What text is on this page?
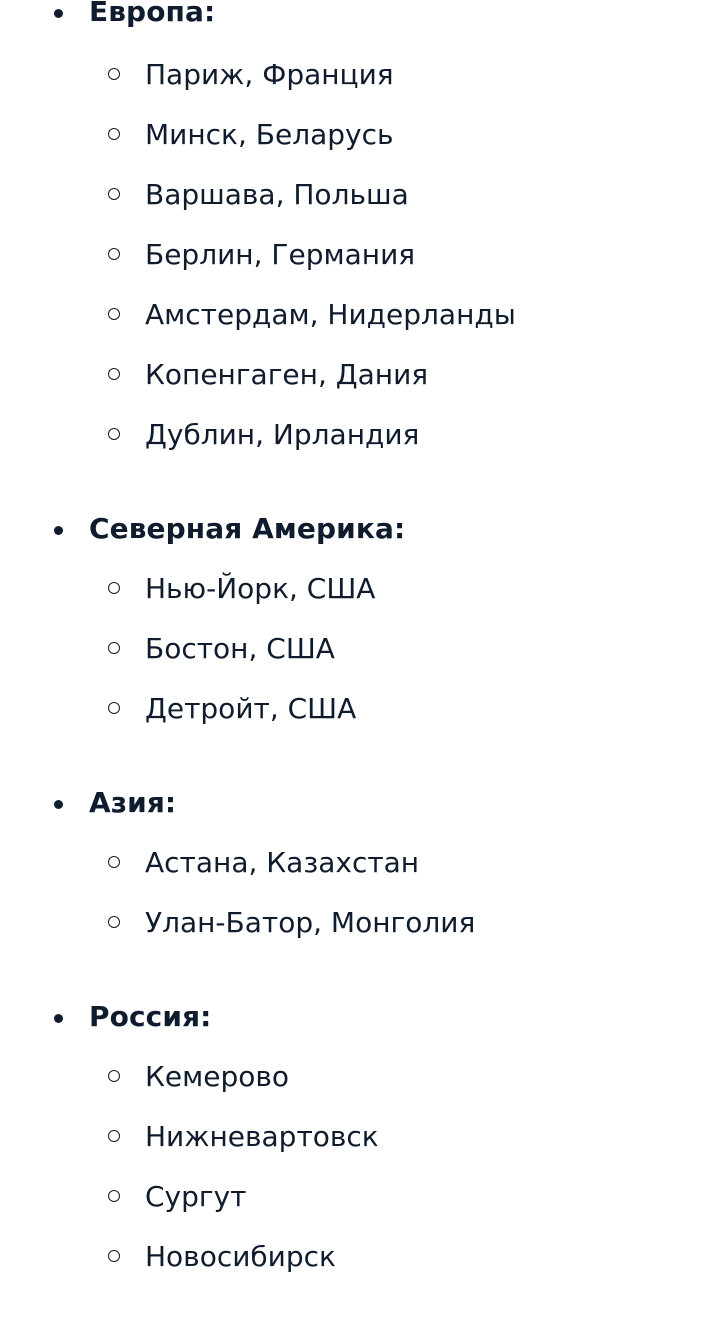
Европа:
Париж, Франция
Минск, Беларусь
Варшава, Польша
Берлин, Германия
Амстердам, Нидерланды
Копенгаген, Дания
Дублин, Ирландия
Северная Америка:
Нью-Йорк, США
Бостон, США
Детройт, США
Азия:
Астана, Казахстан
Улан-Батор, Монголия
Россия:
Кемерово
Нижневартовск
Сургут
Новосибирск
